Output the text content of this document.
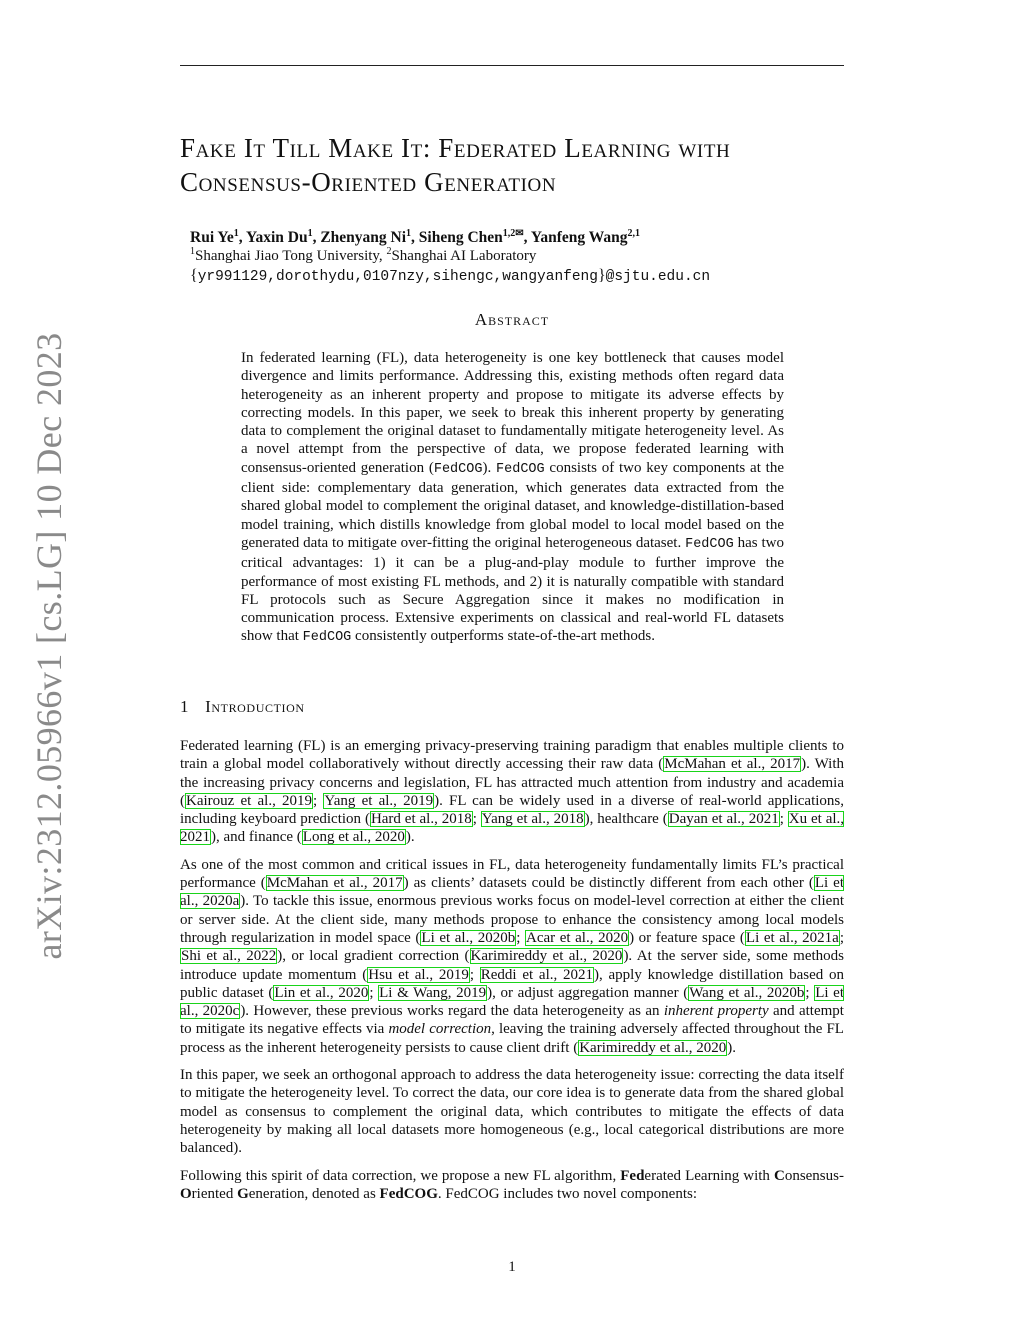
arXiv:2312.05966v1 [cs.LG] 10 Dec 2023
Fake It Till Make It: Federated Learning with
Consensus-Oriented Generation
Rui Ye$^1$, Yaxin Du$^1$, Zhenyang Ni$^1$, Siheng Chen$^{1,2✉}$, Yanfeng Wang$^{2,1}$
$^1$Shanghai Jiao Tong University, $^2$Shanghai AI Laboratory
{yr991129,dorothydu,0107nzy,sihengc,wangyanfeng}@sjtu.edu.cn
Abstract
In federated learning (FL), data heterogeneity is one key bottleneck that causes model divergence and limits performance. Addressing this, existing methods often regard data heterogeneity as an inherent property and propose to mitigate its adverse effects by correcting models. In this paper, we seek to break this inherent property by generating data to complement the original dataset to fundamentally mitigate heterogeneity level. As a novel attempt from the perspective of data, we propose federated learning with consensus-oriented generation (FedCOG). FedCOG consists of two key components at the client side: complementary data generation, which generates data extracted from the shared global model to complement the original dataset, and knowledge-distillation-based model training, which distills knowledge from global model to local model based on the generated data to mitigate over-fitting the original heterogeneous dataset. FedCOG has two critical advantages: 1) it can be a plug-and-play module to further improve the performance of most existing FL methods, and 2) it is naturally compatible with standard FL protocols such as Secure Aggregation since it makes no modification in communication process. Extensive experiments on classical and real-world FL datasets show that FedCOG consistently outperforms state-of-the-art methods.
1 Introduction

Federated learning (FL) is an emerging privacy-preserving training paradigm that enables multiple clients to train a global model collaboratively without directly accessing their raw data (McMahan et al., 2017). With the increasing privacy concerns and legislation, FL has attracted much attention from industry and academia (Kairouz et al., 2019; Yang et al., 2019). FL can be widely used in a diverse of real-world applications, including keyboard prediction (Hard et al., 2018; Yang et al., 2018), healthcare (Dayan et al., 2021; Xu et al., 2021), and finance (Long et al., 2020).

As one of the most common and critical issues in FL, data heterogeneity fundamentally limits FL’s practical performance (McMahan et al., 2017) as clients’ datasets could be distinctly different from each other (Li et al., 2020a). To tackle this issue, enormous previous works focus on model-level correction at either the client or server side. At the client side, many methods propose to enhance the consistency among local models through regularization in model space (Li et al., 2020b; Acar et al., 2020) or feature space (Li et al., 2021a; Shi et al., 2022), or local gradient correction (Karimireddy et al., 2020). At the server side, some methods introduce update momentum (Hsu et al., 2019; Reddi et al., 2021), apply knowledge distillation based on public dataset (Lin et al., 2020; Li & Wang, 2019), or adjust aggregation manner (Wang et al., 2020b; Li et al., 2020c). However, these previous works regard the data heterogeneity as an inherent property and attempt to mitigate its negative effects via model correction, leaving the training adversely affected throughout the FL process as the inherent heterogeneity persists to cause client drift (Karimireddy et al., 2020).

In this paper, we seek an orthogonal approach to address the data heterogeneity issue: correcting the data itself to mitigate the heterogeneity level. To correct the data, our core idea is to generate data from the shared global model as consensus to complement the original data, which contributes to mitigate the effects of data heterogeneity by making all local datasets more homogeneous (e.g., local categorical distributions are more balanced).

Following this spirit of data correction, we propose a new FL algorithm, Federated Learning with Consensus-Oriented Generation, denoted as FedCOG. FedCOG includes two novel components:

1
